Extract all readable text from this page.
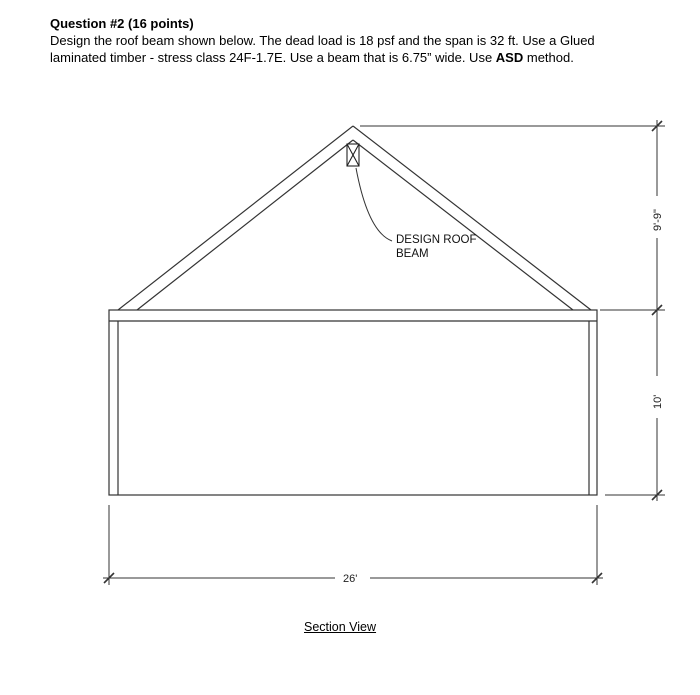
Question #2 (16 points)
Design the roof beam shown below. The dead load is 18 psf and the span is 32 ft. Use a Glued
laminated timber - stress class 24F-1.7E. Use a beam that is 6.75” wide. Use ASD method.
DESIGN ROOF
BEAM
26'
9'-9"
10'
Section View
